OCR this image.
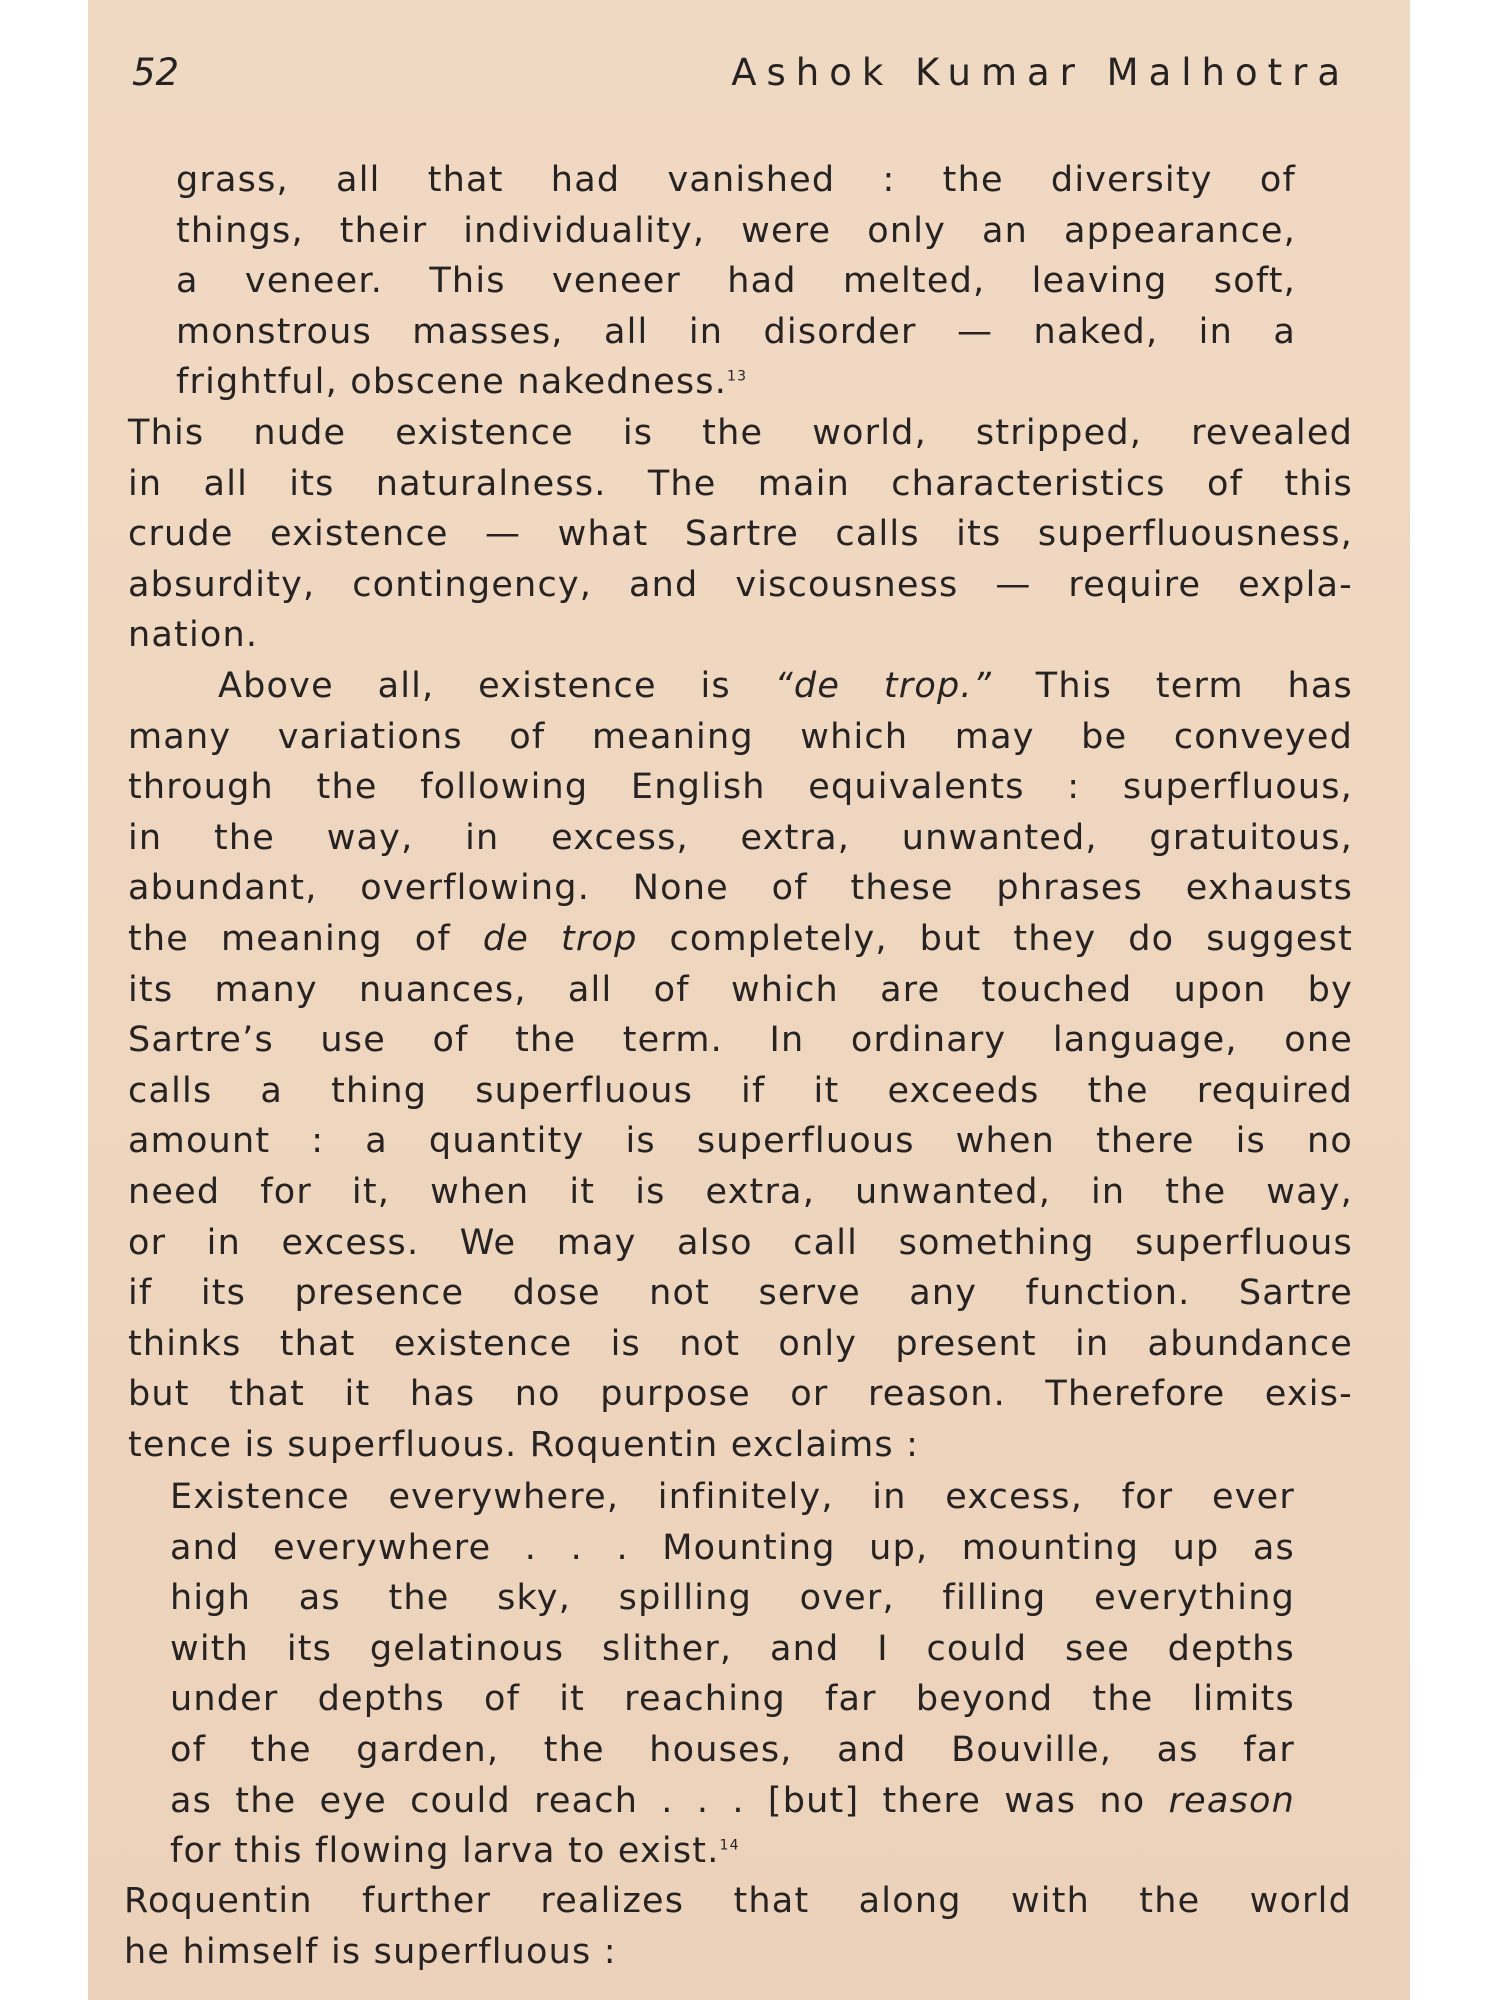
52	Ashok Kumar Malhotra
grass, all that had vanished : the diversity of
things, their individuality, were only an appearance,
a veneer. This veneer had melted, leaving soft,
monstrous masses, all in disorder — naked, in a
frightful, obscene nakedness.$^{13}$
This nude existence is the world, stripped, revealed
in all its naturalness. The main characteristics of this
crude existence — what Sartre calls its superfluousness,
absurdity, contingency, and viscousness — require expla-
nation.
Above all, existence is “de trop.” This term has
many variations of meaning which may be conveyed
through the following English equivalents : superfluous,
in the way, in excess, extra, unwanted, gratuitous,
abundant, overflowing. None of these phrases exhausts
the meaning of de trop completely, but they do suggest
its many nuances, all of which are touched upon by
Sartre’s use of the term. In ordinary language, one
calls a thing superfluous if it exceeds the required
amount : a quantity is superfluous when there is no
need for it, when it is extra, unwanted, in the way,
or in excess. We may also call something superfluous
if its presence dose not serve any function. Sartre
thinks that existence is not only present in abundance
but that it has no purpose or reason. Therefore exis-
tence is superfluous. Roquentin exclaims :
Existence everywhere, infinitely, in excess, for ever
and everywhere . . . Mounting up, mounting up as
high as the sky, spilling over, filling everything
with its gelatinous slither, and I could see depths
under depths of it reaching far beyond the limits
of the garden, the houses, and Bouville, as far
as the eye could reach . . . [but] there was no reason
for this flowing larva to exist.$^{14}$
Roquentin further realizes that along with the world
he himself is superfluous :
